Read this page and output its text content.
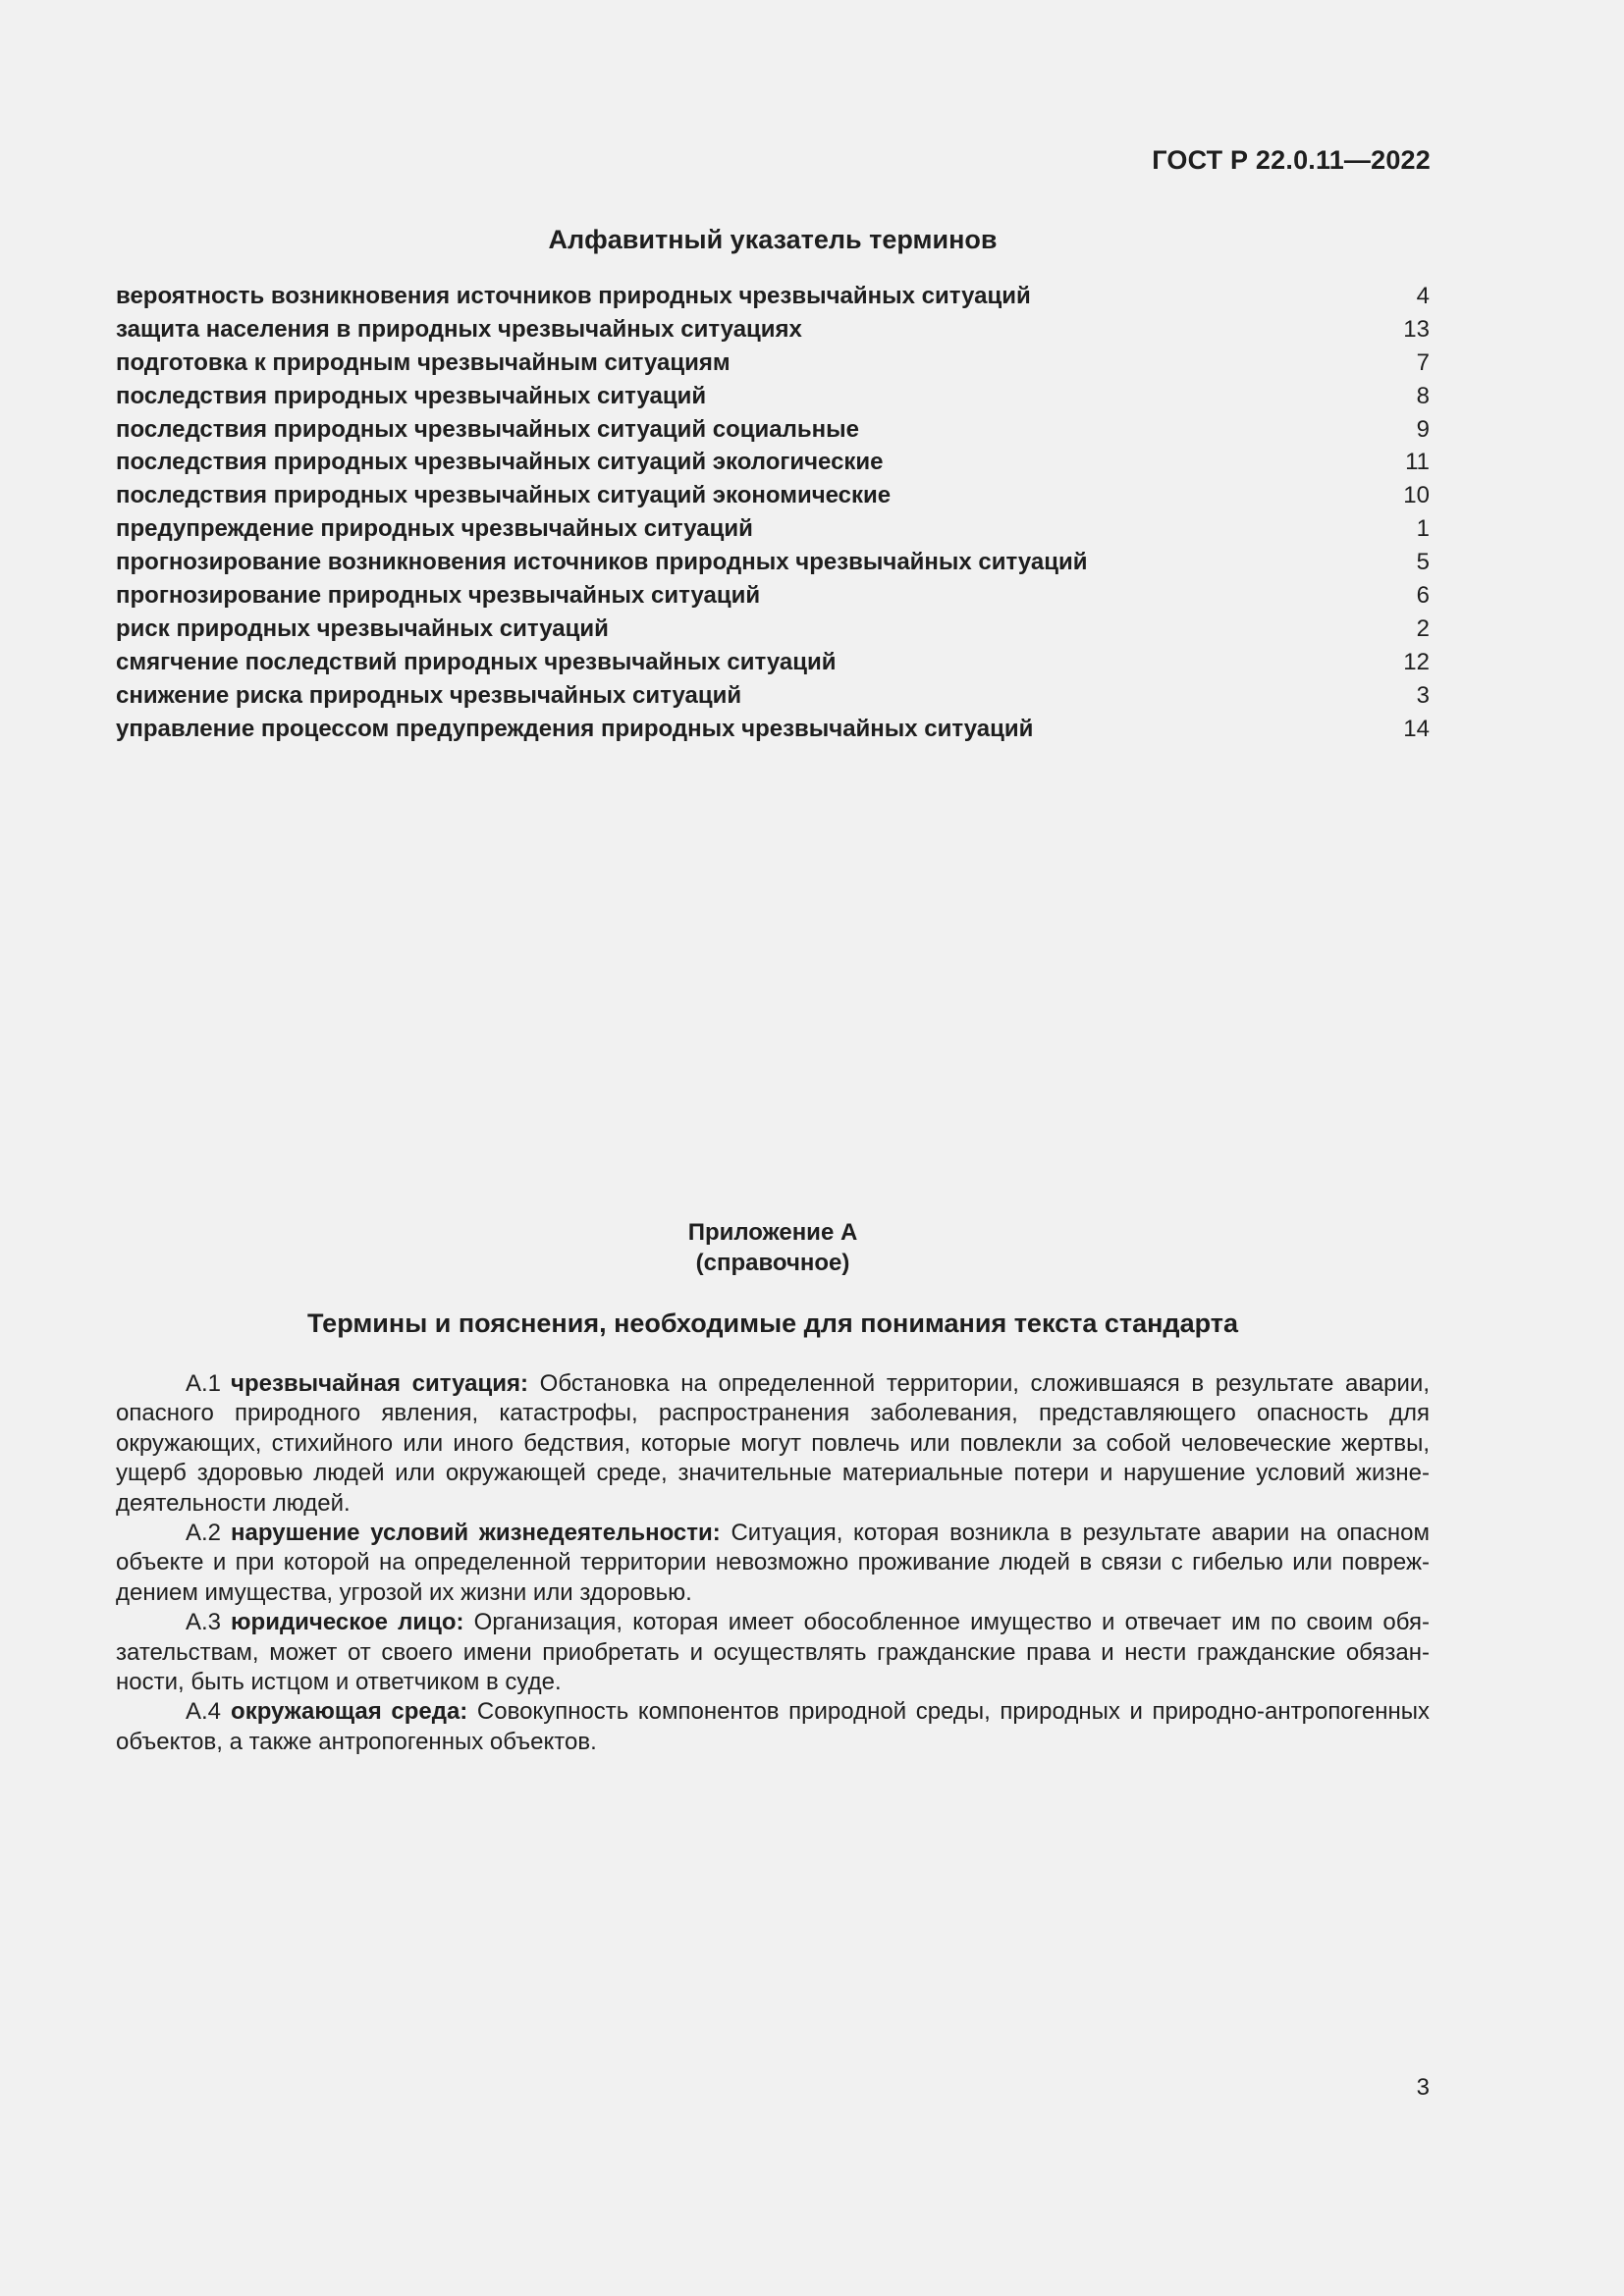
ГОСТ Р 22.0.11—2022
Алфавитный указатель терминов
вероятность возникновения источников природных чрезвычайных ситуаций	4
защита населения в природных чрезвычайных ситуациях	13
подготовка к природным чрезвычайным ситуациям	7
последствия природных чрезвычайных ситуаций	8
последствия природных чрезвычайных ситуаций социальные	9
последствия природных чрезвычайных ситуаций экологические	11
последствия природных чрезвычайных ситуаций экономические	10
предупреждение природных чрезвычайных ситуаций	1
прогнозирование возникновения источников природных чрезвычайных ситуаций	5
прогнозирование природных чрезвычайных ситуаций	6
риск природных чрезвычайных ситуаций	2
смягчение последствий природных чрезвычайных ситуаций	12
снижение риска природных чрезвычайных ситуаций	3
управление процессом предупреждения природных чрезвычайных ситуаций	14
Приложение А
(справочное)
Термины и пояснения, необходимые для понимания текста стандарта

А.1 чрезвычайная ситуация: Обстановка на определенной территории, сложившаяся в результате аварии, опасного природного явления, катастрофы, распространения заболевания, представляющего опасность для окружающих, стихийного или иного бедствия, которые могут повлечь или повлекли за собой человеческие жертвы, ущерб здоровью людей или окружающей среде, значительные материальные потери и нарушение условий жизнедеятельности людей.

А.2 нарушение условий жизнедеятельности: Ситуация, которая возникла в результате аварии на опасном объекте и при которой на определенной территории невозможно проживание людей в связи с гибелью или повреждением имущества, угрозой их жизни или здоровью.

А.3 юридическое лицо: Организация, которая имеет обособленное имущество и отвечает им по своим обязательствам, может от своего имени приобретать и осуществлять гражданские права и нести гражданские обязанности, быть истцом и ответчиком в суде.

А.4 окружающая среда: Совокупность компонентов природной среды, природных и природно-антропогенных объектов, а также антропогенных объектов.

3
